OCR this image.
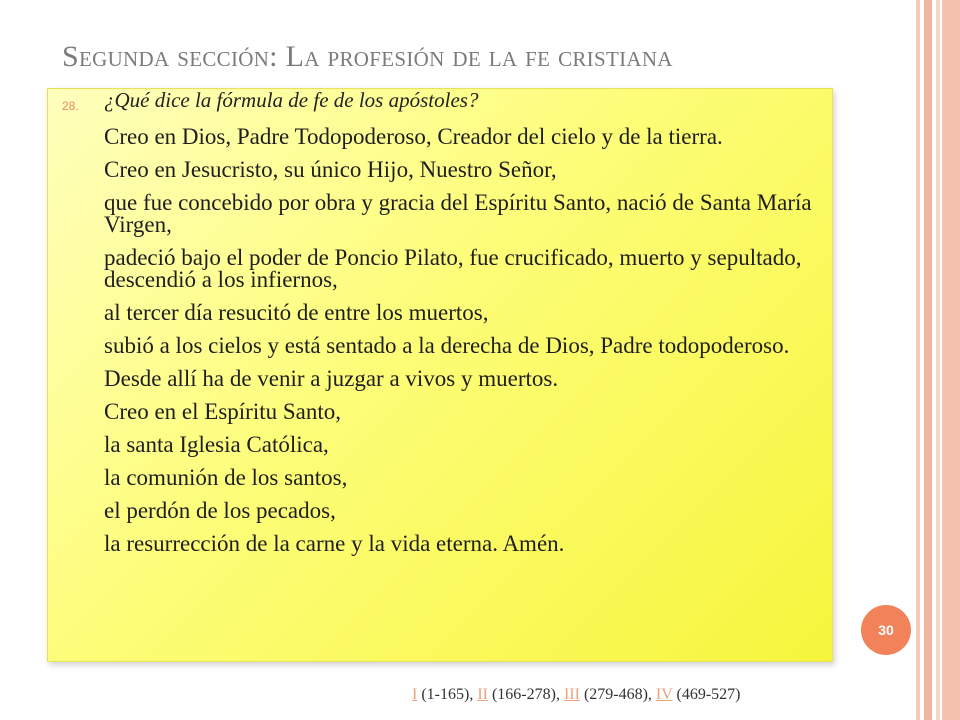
Segunda sección: La profesión de la fe cristiana
28. ¿Qué dice la fórmula de fe de los apóstoles?
Creo en Dios, Padre Todopoderoso, Creador del cielo y de la tierra.
Creo en Jesucristo, su único Hijo, Nuestro Señor,
que fue concebido por obra y gracia del Espíritu Santo, nació de Santa María Virgen,
padeció bajo el poder de Poncio Pilato, fue crucificado, muerto y sepultado, descendió a los infiernos,
al tercer día resucitó de entre los muertos,
subió a los cielos y está sentado a la derecha de Dios, Padre todopoderoso.
Desde allí ha de venir a juzgar a vivos y muertos.
Creo en el Espíritu Santo,
la santa Iglesia Católica,
la comunión de los santos,
el perdón de los pecados,
la resurrección de la carne y la vida eterna. Amén.
30
I (1-165), II (166-278), III (279-468), IV (469-527)
